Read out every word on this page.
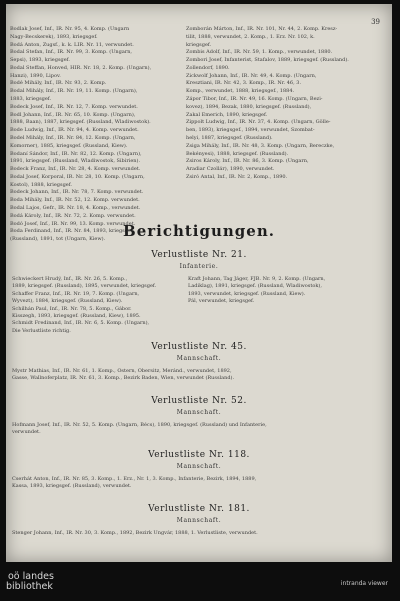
39

Bodlak Josef, Inf., IR. Nr. 95, 4. Komp. (Ungarn

Nagy-Becskerek), 1893, kriegsgef.

Bodá Anton, Zugsf., k. k. LIR. Nr. 11, verwundet.

Bodal Stefan, Inf., IR. Nr. 99, 3. Komp. (Ungarn,

Sepsi), 1893, kriegsgef.

Bodal Steffan, Honved, HIR. Nr. 18, 2. Komp. (Ungarn),

Hanzi), 1890, Lipov.

Bodé Mihály, Inf., IR. Nr. 93, 2. Komp.

Bodal Mihály, Inf., IR. Nr. 19, 11. Komp. (Ungarn),

1883, kriegsgef.

Bodeck Josef, Inf., IR. Nr. 12, 7. Komp. verwundet.

Bodl Johann, Inf., IR. Nr. 65, 10. Komp. (Ungarn),

1888, Baan), 1887, kriegsgef. (Russland, Wladiwostok).

Bode Ludwig, Inf., IR. Nr. 94, 4. Komp. verwundet.

Bodel Mihály, Inf., IR. Nr. 84, 12. Komp. (Ungarn,

Komorner), 1885, kriegsgef. (Russland, Kiew).

Bodaní Sándor, Inf., IR. Nr. 82, 12. Komp. (Ungarn),

1891, kriegsgef. (Russland, Wladiwostok, Sibirien).

Bodeck Franz, Inf., IR. Nr. 28, 4. Komp. verwundet.

Bodal Josef, Korporal, IR. Nr. 28, 10. Komp. (Ungarn,

Kostol), 1888, kriegsgef.

Bodeck Johann, Inf., IR. Nr. 78, 7. Komp. verwundet.

Boda Mihály, Inf., IR. Nr. 52, 12. Komp. verwundet.

Bodal Lajos, Gefr., IR. Nr. 18, 4. Komp., verwundet.

Bodá Károly, Inf., IR. Nr. 72, 2. Komp. verwundet.

Bodó Josef, Inf., IR. Nr. 99, 13. Komp. verwundet.

Boda Ferdinand, Inf., IR. Nr. 84, 1893, kriegsgef.

(Russland), 1891, tot (Ungarn, Kiew).

Zomborán Márton, Inf., IR. Nr. 101, Nr. 44, 2. Komp. Kresz-

tilit, 1888, verwundet, 2. Komp., 1. Erz. Nr. 102, k.

kriegsgef.

Zombis Adolf, Inf., IR. Nr. 59, 1. Komp., verwundet, 1880.

Zombori Josef, Infanterist, Stafalov, 1889, kriegsgef. (Russland).

Zollendorf, 1890.

Zickwolf Johann, Inf., IR. Nr. 49, 4. Komp. (Ungarn,

Kresztiani, IR. Nr. 42, 3. Komp., IR. Nr. 46, 3.

Komp., verwundet, 1888, kriegsgef., 1884.

Zápor Tibor, Inf., IR. Nr. 49, 16. Komp. (Ungarn, Bezi-

kovez), 1894, Bezak, 1880, kriegsgef. (Russland),

Zakal Emerich, 1890, kriegsgef.

Zippolt Ludwig, Inf., IR. Nr. 37, 4. Komp. (Ungarn, Gölle-

ben, 1893), kriegsgef., 1894, verwundet, Szombat-

helyi, 1887, kriegsgef. (Russland).

Zsiga Mihály, Inf., IR. Nr. 48, 3. Komp. (Ungarn, Bereczke,

Bekényesi), 1888, kriegsgef. (Russland).

Zsiros Károly, Inf., IR. Nr. 86, 3. Komp. (Ungarn,

Aradiar Czollár), 1890, verwundet.

Zsiró Antal, Inf., IR. Nr. 2, Komp., 1890.

Berichtigungen.
Verlustliste Nr. 21.
Infanterie.

Schwieckert Hrudý, Inf., IR. Nr. 26, 5. Komp.,

1889, kriegsgef. (Russland), 1895, verwundet, kriegsgef.

Schaffer Franz, Inf., IR. Nr. 19, 7. Komp. (Ungarn,

Wyvezt), 1884, kriegsgef. (Russland, Kiew).

Schilhán Paul, Inf., IR. Nr. 78, 5. Komp., Gábor.

Kisszegh, 1893, kriegsgef. (Russland, Kiew), 1895.

Schmidt Fredinand, Inf., IR. Nr. 6, 5. Komp. (Ungarn),

Die Verlustliste richtig.

Kraft Johann, Tag Jáger, FJB. Nr. 9, 2. Komp. (Ungarn,

Ladiklag), 1891, kriegsgef. (Russland, Wladiwostok),

1893, verwundet, kriegsgef. (Russland, Kiew).

Pál, verwundet, kriegsgef.

Verlustliste Nr. 45.
Mannschaft.

Mystr Mathias, Inf., IR. Nr. 61, 1. Komp., Ostern, Obersitz, Meránd., verwundet, 1892,

Gasse, Wallnoferplatz, IR. Nr. 61, 3. Komp., Bezirk Baden, Wien, verwundet (Russland).

Verlustliste Nr. 52.
Mannschaft.

Hofmann Josef, Inf., IR. Nr. 52, 5. Komp. (Ungarn, Bécs), 1890, kriegsgef. (Russland) und Infanterie,

verwundet.

Verlustliste Nr. 118.
Mannschaft.

Cserhát Anton, Inf., IR. Nr. 85, 3. Komp., 1. Erz., Nr. 1, 3. Komp., Infanterie, Bezirk, 1894, 1889,

Kassa, 1893, kriegsgef. (Russland), verwundet.

Verlustliste Nr. 181.
Mannschaft.

Stenger Johann, Inf., IR. Nr. 30, 3. Komp., 1892, Bezirk Ungvár, 1888, 1. Verlustliste, verwundet.

oö landes
bibliothek	intranda viewer
